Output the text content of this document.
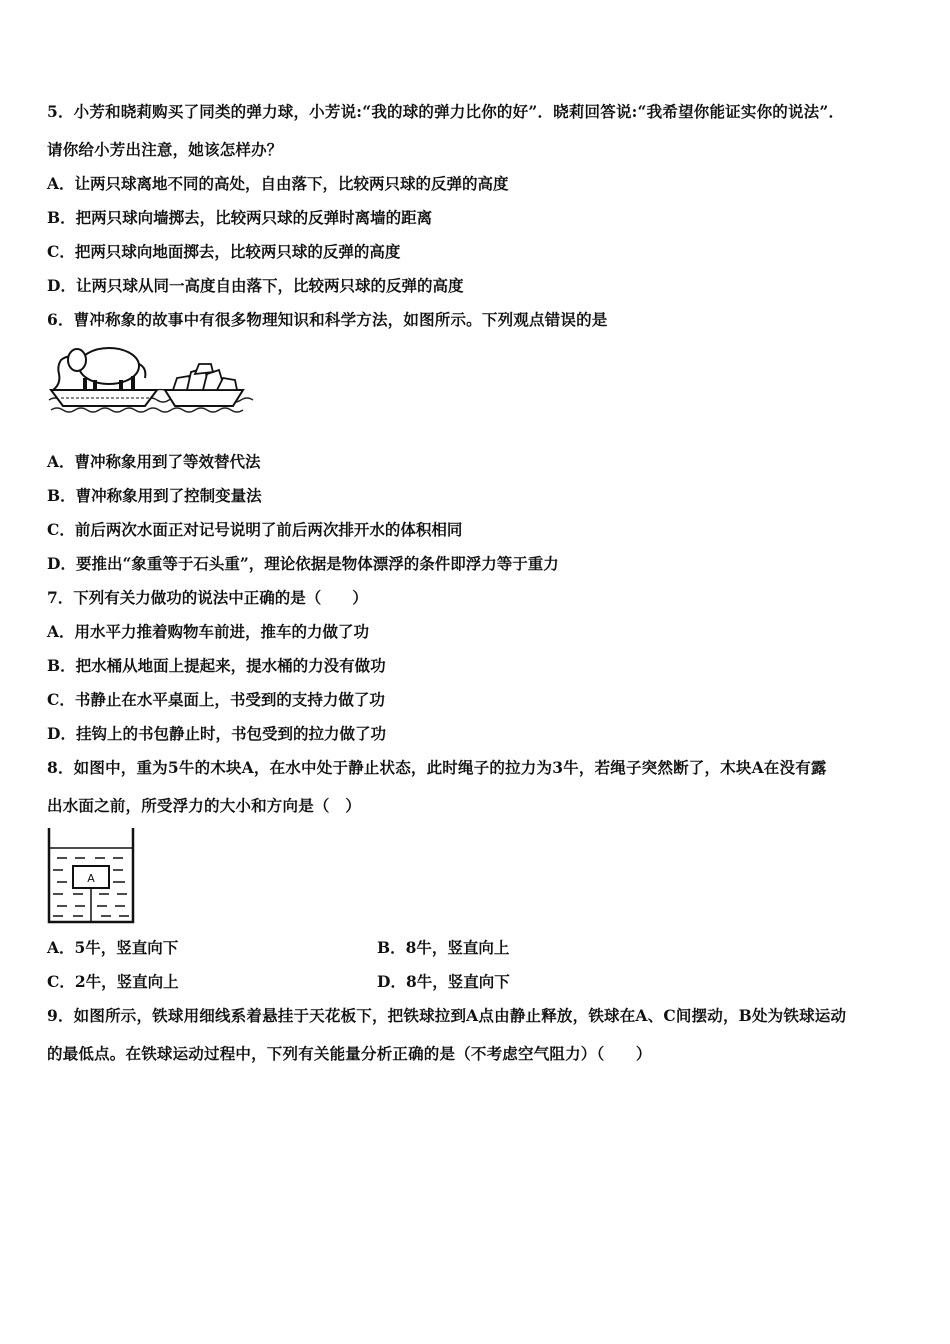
5．小芳和晓莉购买了同类的弹力球，小芳说:“我的球的弹力比你的好”．晓莉回答说:“我希望你能证实你的说法”．
请你给小芳出注意，她该怎样办？
A．让两只球离地不同的高处，自由落下，比较两只球的反弹的高度
B．把两只球向墙掷去，比较两只球的反弹时离墙的距离
C．把两只球向地面掷去，比较两只球的反弹的高度
D．让两只球从同一高度自由落下，比较两只球的反弹的高度
6．曹冲称象的故事中有很多物理知识和科学方法，如图所示。下列观点错误的是
A．曹冲称象用到了等效替代法
B．曹冲称象用到了控制变量法
C．前后两次水面正对记号说明了前后两次排开水的体积相同
D．要推出“象重等于石头重”，理论依据是物体漂浮的条件即浮力等于重力
7．下列有关力做功的说法中正确的是（　　）
A．用水平力推着购物车前进，推车的力做了功
B．把水桶从地面上提起来，提水桶的力没有做功
C．书静止在水平桌面上，书受到的支持力做了功
D．挂钩上的书包静止时，书包受到的拉力做了功
8．如图中，重为5牛的木块A，在水中处于静止状态，此时绳子的拉力为3牛，若绳子突然断了，木块A在没有露
出水面之前，所受浮力的大小和方向是（　）
A
A．5牛，竖直向下	B．8牛，竖直向上
C．2牛，竖直向上	D．8牛，竖直向下
9．如图所示，铁球用细线系着悬挂于天花板下，把铁球拉到A点由静止释放，铁球在A、C间摆动，B处为铁球运动
的最低点。在铁球运动过程中，下列有关能量分析正确的是（不考虑空气阻力）（　　）
